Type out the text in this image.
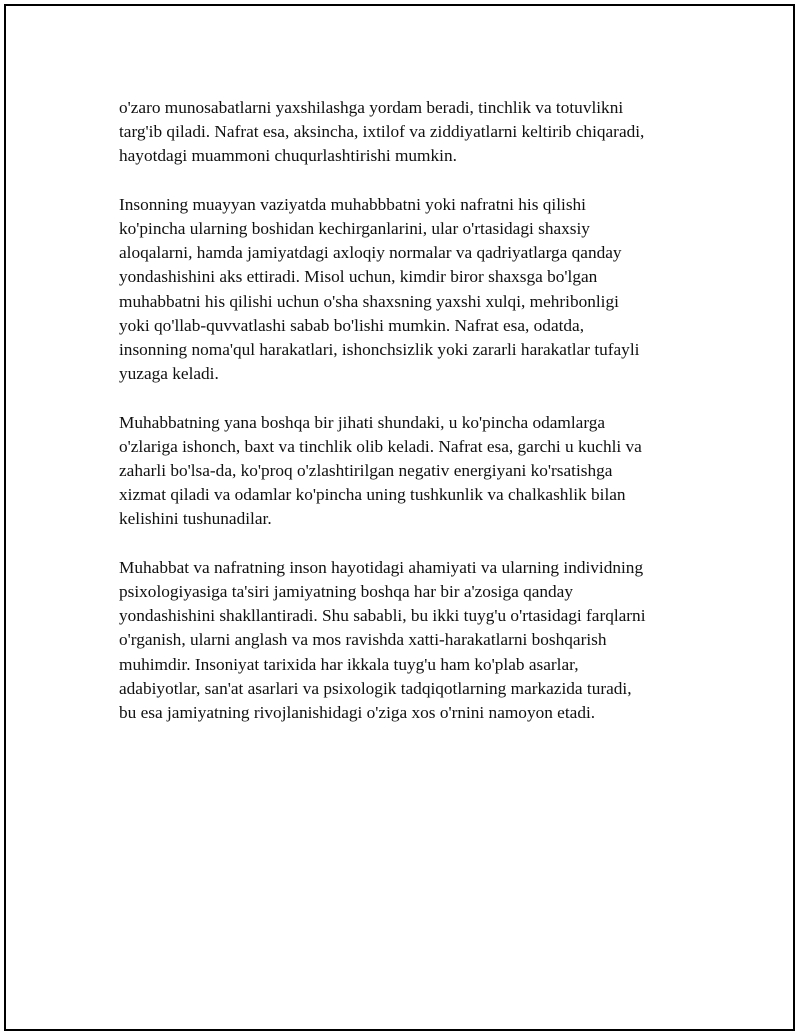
o'zaro munosabatlarni yaxshilashga yordam beradi, tinchlik va totuvlikni
targ'ib qiladi. Nafrat esa, aksincha, ixtilof va ziddiyatlarni keltirib chiqaradi,
hayotdagi muammoni chuqurlashtirishi mumkin.

Insonning muayyan vaziyatda muhabbbatni yoki nafratni his qilishi
ko'pincha ularning boshidan kechirganlarini, ular o'rtasidagi shaxsiy
aloqalarni, hamda jamiyatdagi axloqiy normalar va qadriyatlarga qanday
yondashishini aks ettiradi. Misol uchun, kimdir biror shaxsga bo'lgan
muhabbatni his qilishi uchun o'sha shaxsning yaxshi xulqi, mehribonligi
yoki qo'llab-quvvatlashi sabab bo'lishi mumkin. Nafrat esa, odatda,
insonning noma'qul harakatlari, ishonchsizlik yoki zararli harakatlar tufayli
yuzaga keladi.

Muhabbatning yana boshqa bir jihati shundaki, u ko'pincha odamlarga
o'zlariga ishonch, baxt va tinchlik olib keladi. Nafrat esa, garchi u kuchli va
zaharli bo'lsa-da, ko'proq o'zlashtirilgan negativ energiyani ko'rsatishga
xizmat qiladi va odamlar ko'pincha uning tushkunlik va chalkashlik bilan
kelishini tushunadilar.

Muhabbat va nafratning inson hayotidagi ahamiyati va ularning individning
psixologiyasiga ta'siri jamiyatning boshqa har bir a'zosiga qanday
yondashishini shakllantiradi. Shu sababli, bu ikki tuyg'u o'rtasidagi farqlarni
o'rganish, ularni anglash va mos ravishda xatti-harakatlarni boshqarish
muhimdir. Insoniyat tarixida har ikkala tuyg'u ham ko'plab asarlar,
adabiyotlar, san'at asarlari va psixologik tadqiqotlarning markazida turadi,
bu esa jamiyatning rivojlanishidagi o'ziga xos o'rnini namoyon etadi.
